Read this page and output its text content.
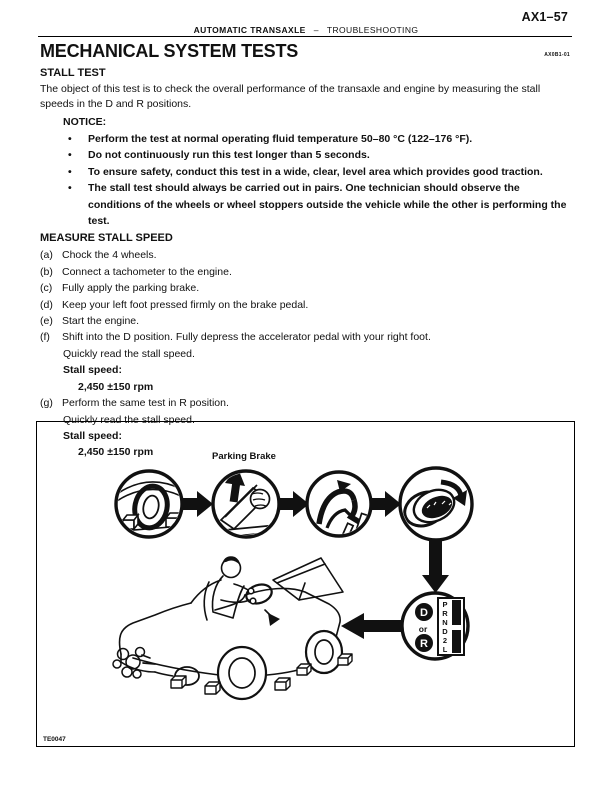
AX1–57
AUTOMATIC TRANSAXLE – TROUBLESHOOTING
MECHANICAL SYSTEM TESTS	AX0B1-01
STALL TEST

The object of this test is to check the overall performance of the transaxle and engine by measuring the stall speeds in the D and R positions.

NOTICE:
•	Perform the test at normal operating fluid temperature 50–80 °C (122–176 °F).
•	Do not continuously run this test longer than 5 seconds.
•	To ensure safety, conduct this test in a wide, clear, level area which provides good traction.
•	The stall test should always be carried out in pairs. One technician should observe the conditions of the wheels or wheel stoppers outside the vehicle while the other is performing the test.
MEASURE STALL SPEED
(a) Chock the 4 wheels.
(b) Connect a tachometer to the engine.
(c) Fully apply the parking brake.
(d) Keep your left foot pressed firmly on the brake pedal.
(e) Start the engine.
(f) Shift into the D position. Fully depress the accelerator pedal with your right foot.
Quickly read the stall speed.
Stall speed:
2,450 ±150 rpm
(g) Perform the same test in R position.
Quickly read the stall speed.
Stall speed:
2,450 ±150 rpm	Parking Brake
D
or
R
P
R
N
D
2
L
TE0047
